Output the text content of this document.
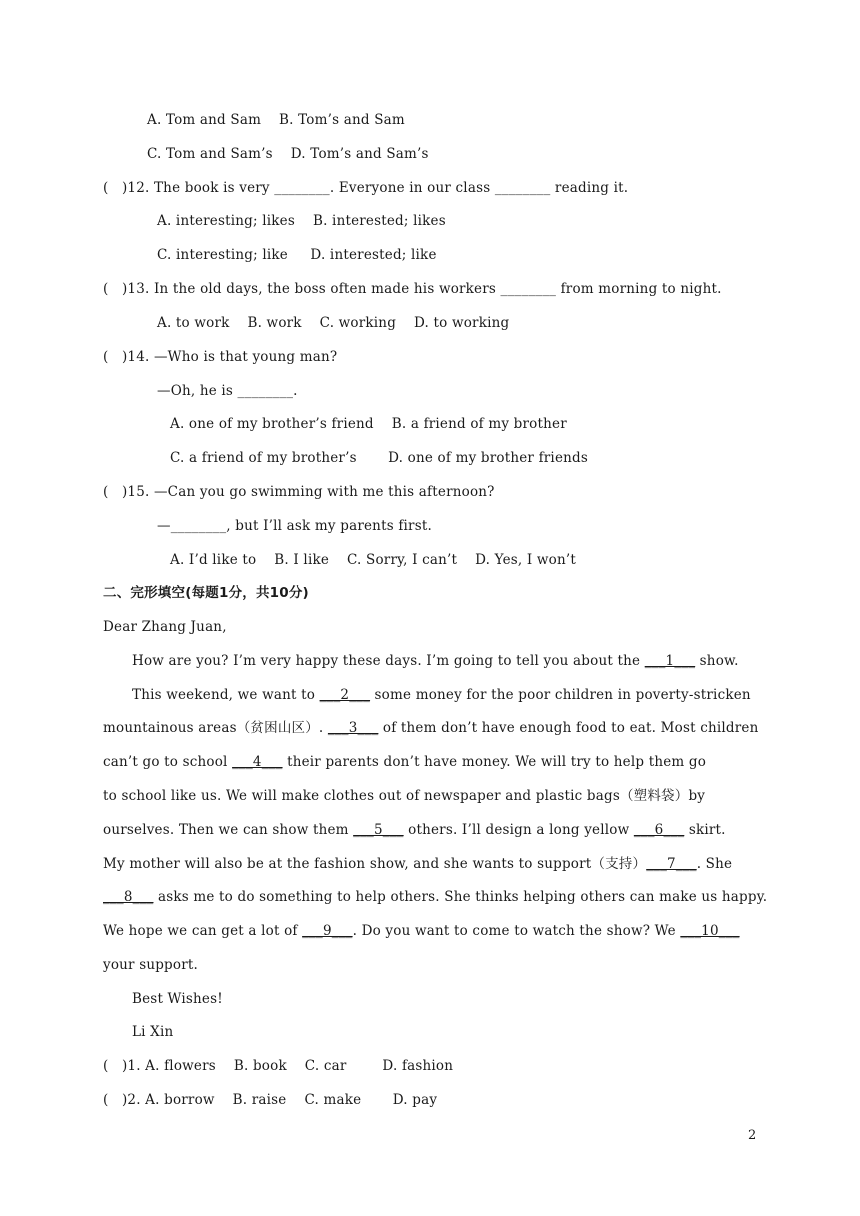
A. Tom and Sam    B. Tom’s and Sam
C. Tom and Sam’s    D. Tom’s and Sam’s
(   )12. The book is very ________. Everyone in our class ________ reading it.
A. interesting; likes    B. interested; likes
C. interesting; like     D. interested; like
(   )13. In the old days, the boss often made his workers ________ from morning to night.
A. to work    B. work    C. working    D. to working
(   )14. —Who is that young man?
—Oh, he is ________.
A. one of my brother’s friend    B. a friend of my brother
C. a friend of my brother’s       D. one of my brother friends
(   )15. —Can you go swimming with me this afternoon?
—________, but I’ll ask my parents first.
A. I’d like to    B. I like    C. Sorry, I can’t    D. Yes, I won’t
二、完形填空(每题1分，共10分)
Dear Zhang Juan,
How are you? I’m very happy these days. I’m going to tell you about the ___1___ show.
This weekend, we want to ___2___ some money for the poor children in poverty-stricken
mountainous areas（贫困山区）. ___3___ of them don’t have enough food to eat. Most children
can’t go to school ___4___ their parents don’t have money. We will try to help them go
to school like us. We will make clothes out of newspaper and plastic bags（塑料袋）by
ourselves. Then we can show them ___5___ others. I’ll design a long yellow ___6___ skirt.
My mother will also be at the fashion show, and she wants to support（支持）___7___. She
___8___ asks me to do something to help others. She thinks helping others can make us happy.
We hope we can get a lot of ___9___. Do you want to come to watch the show? We ___10___
your support.
Best Wishes!
Li Xin
(   )1. A. flowers    B. book    C. car        D. fashion
(   )2. A. borrow    B. raise    C. make       D. pay
2
